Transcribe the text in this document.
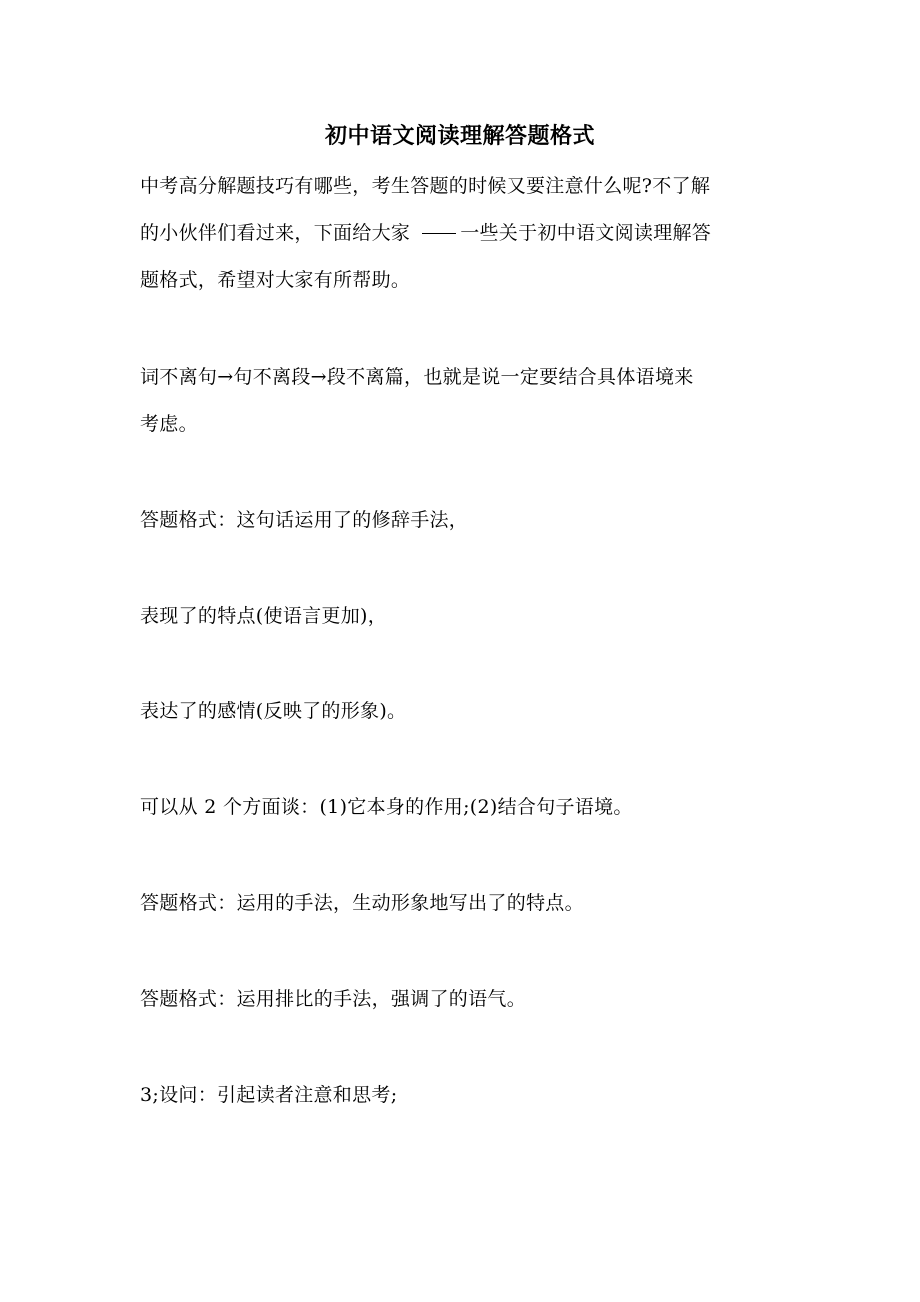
初中语文阅读理解答题格式
中考高分解题技巧有哪些，考生答题的时候又要注意什么呢?不了解
的小伙伴们看过来，下面给大家	一些关于初中语文阅读理解答
题格式，希望对大家有所帮助。
词不离句→句不离段→段不离篇，也就是说一定要结合具体语境来
考虑。
答题格式：这句话运用了的修辞手法，
表现了的特点(使语言更加)，
表达了的感情(反映了的形象)。
可以从 2 个方面谈：(1)它本身的作用;(2)结合句子语境。
答题格式：运用的手法，生动形象地写出了的特点。
答题格式：运用排比的手法，强调了的语气。
3;设问：引起读者注意和思考;
